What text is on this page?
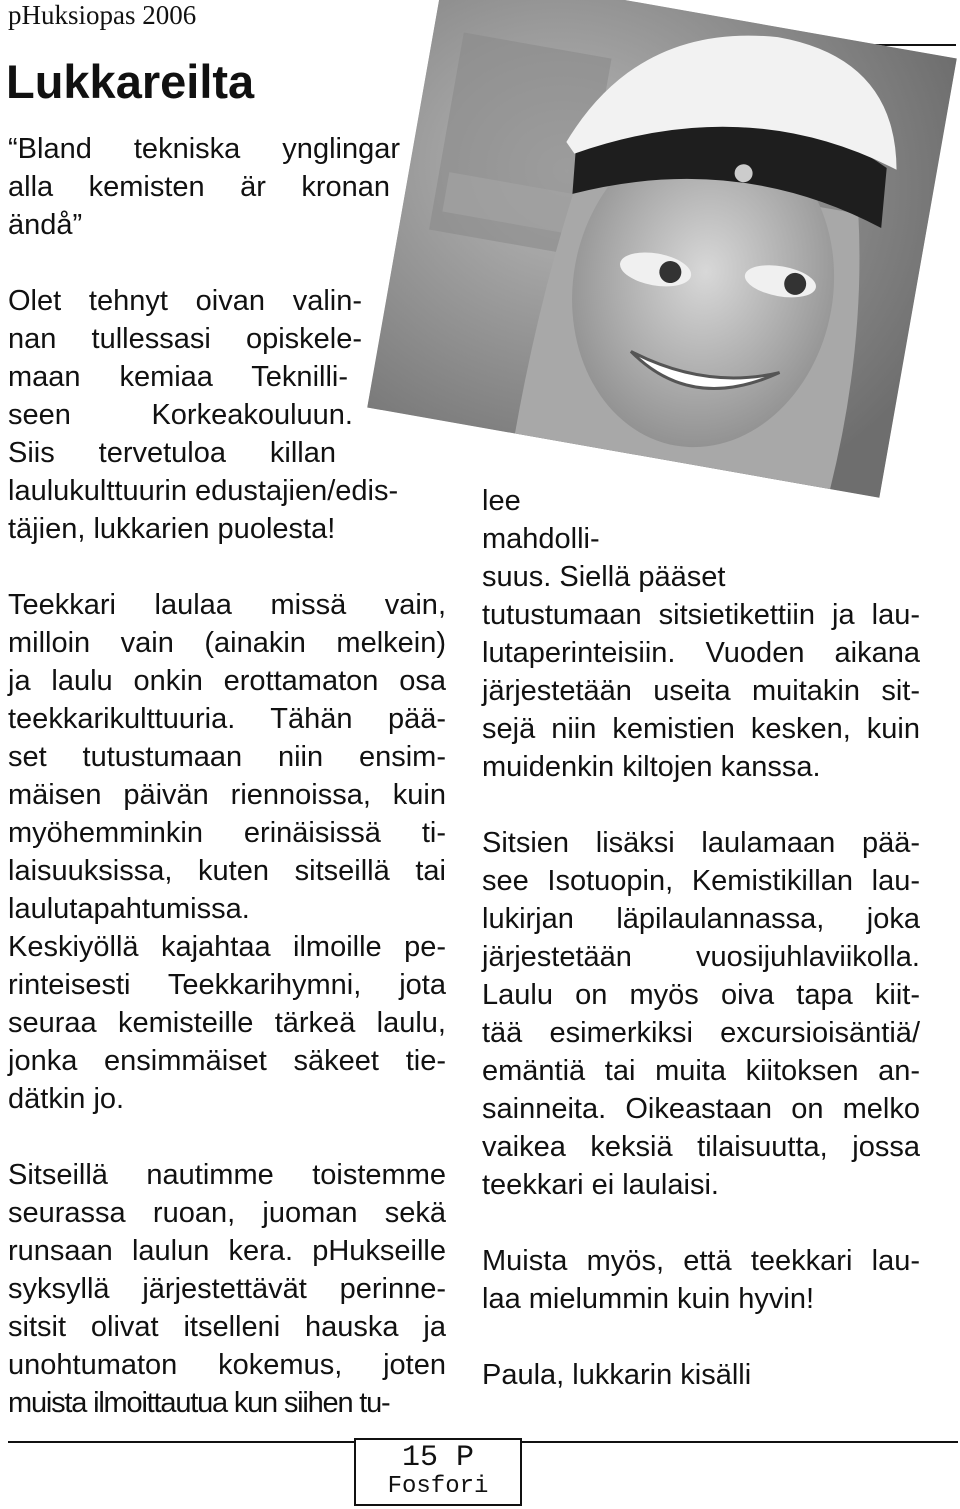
pHuksiopas 2006
Lukkareilta
“Bland tekniska ynglingar
alla kemisten är kronan
ändå”
Olet tehnyt oivan valin-
nan tullessasi opiskele-
maan kemiaa Teknilli-
seen Korkeakouluun.
Siis tervetuloa killan
laulukulttuurin edustajien/edis-
täjien, lukkarien puolesta!
Teekkari laulaa missä vain,
milloin vain (ainakin melkein)
ja laulu onkin erottamaton osa
teekkarikulttuuria. Tähän pää-
set tutustumaan niin ensim-
mäisen päivän riennoissa, kuin
myöhemminkin erinäisissä ti-
laisuuksissa, kuten sitseillä tai
laulutapahtumissa.
Keskiyöllä kajahtaa ilmoille pe-
rinteisesti Teekkarihymni, jota
seuraa kemisteille tärkeä laulu,
jonka ensimmäiset säkeet tie-
dätkin jo.
Sitseillä nautimme toistemme
seurassa ruoan, juoman sekä
runsaan laulun kera. pHukseille
syksyllä järjestettävät perinne-
sitsit olivat itselleni hauska ja
unohtumaton kokemus, joten
muista ilmoittautua kun siihen tu-
lee
mahdolli-
suus. Siellä pääset
tutustumaan sitsietikettiin ja lau-
lutaperinteisiin. Vuoden aikana
järjestetään useita muitakin sit-
sejä niin kemistien kesken, kuin
muidenkin kiltojen kanssa.
Sitsien lisäksi laulamaan pää-
see Isotuopin, Kemistikillan lau-
lukirjan läpilaulannassa, joka
järjestetään vuosijuhlaviikolla.
Laulu on myös oiva tapa kiit-
tää esimerkiksi excursioisäntiä/
emäntiä tai muita kiitoksen an-
sainneita. Oikeastaan on melko
vaikea keksiä tilaisuutta, jossa
teekkari ei laulaisi.
Muista myös, että teekkari lau-
laa mielummin kuin hyvin!
Paula, lukkarin kisälli
15 P
Fosfori
